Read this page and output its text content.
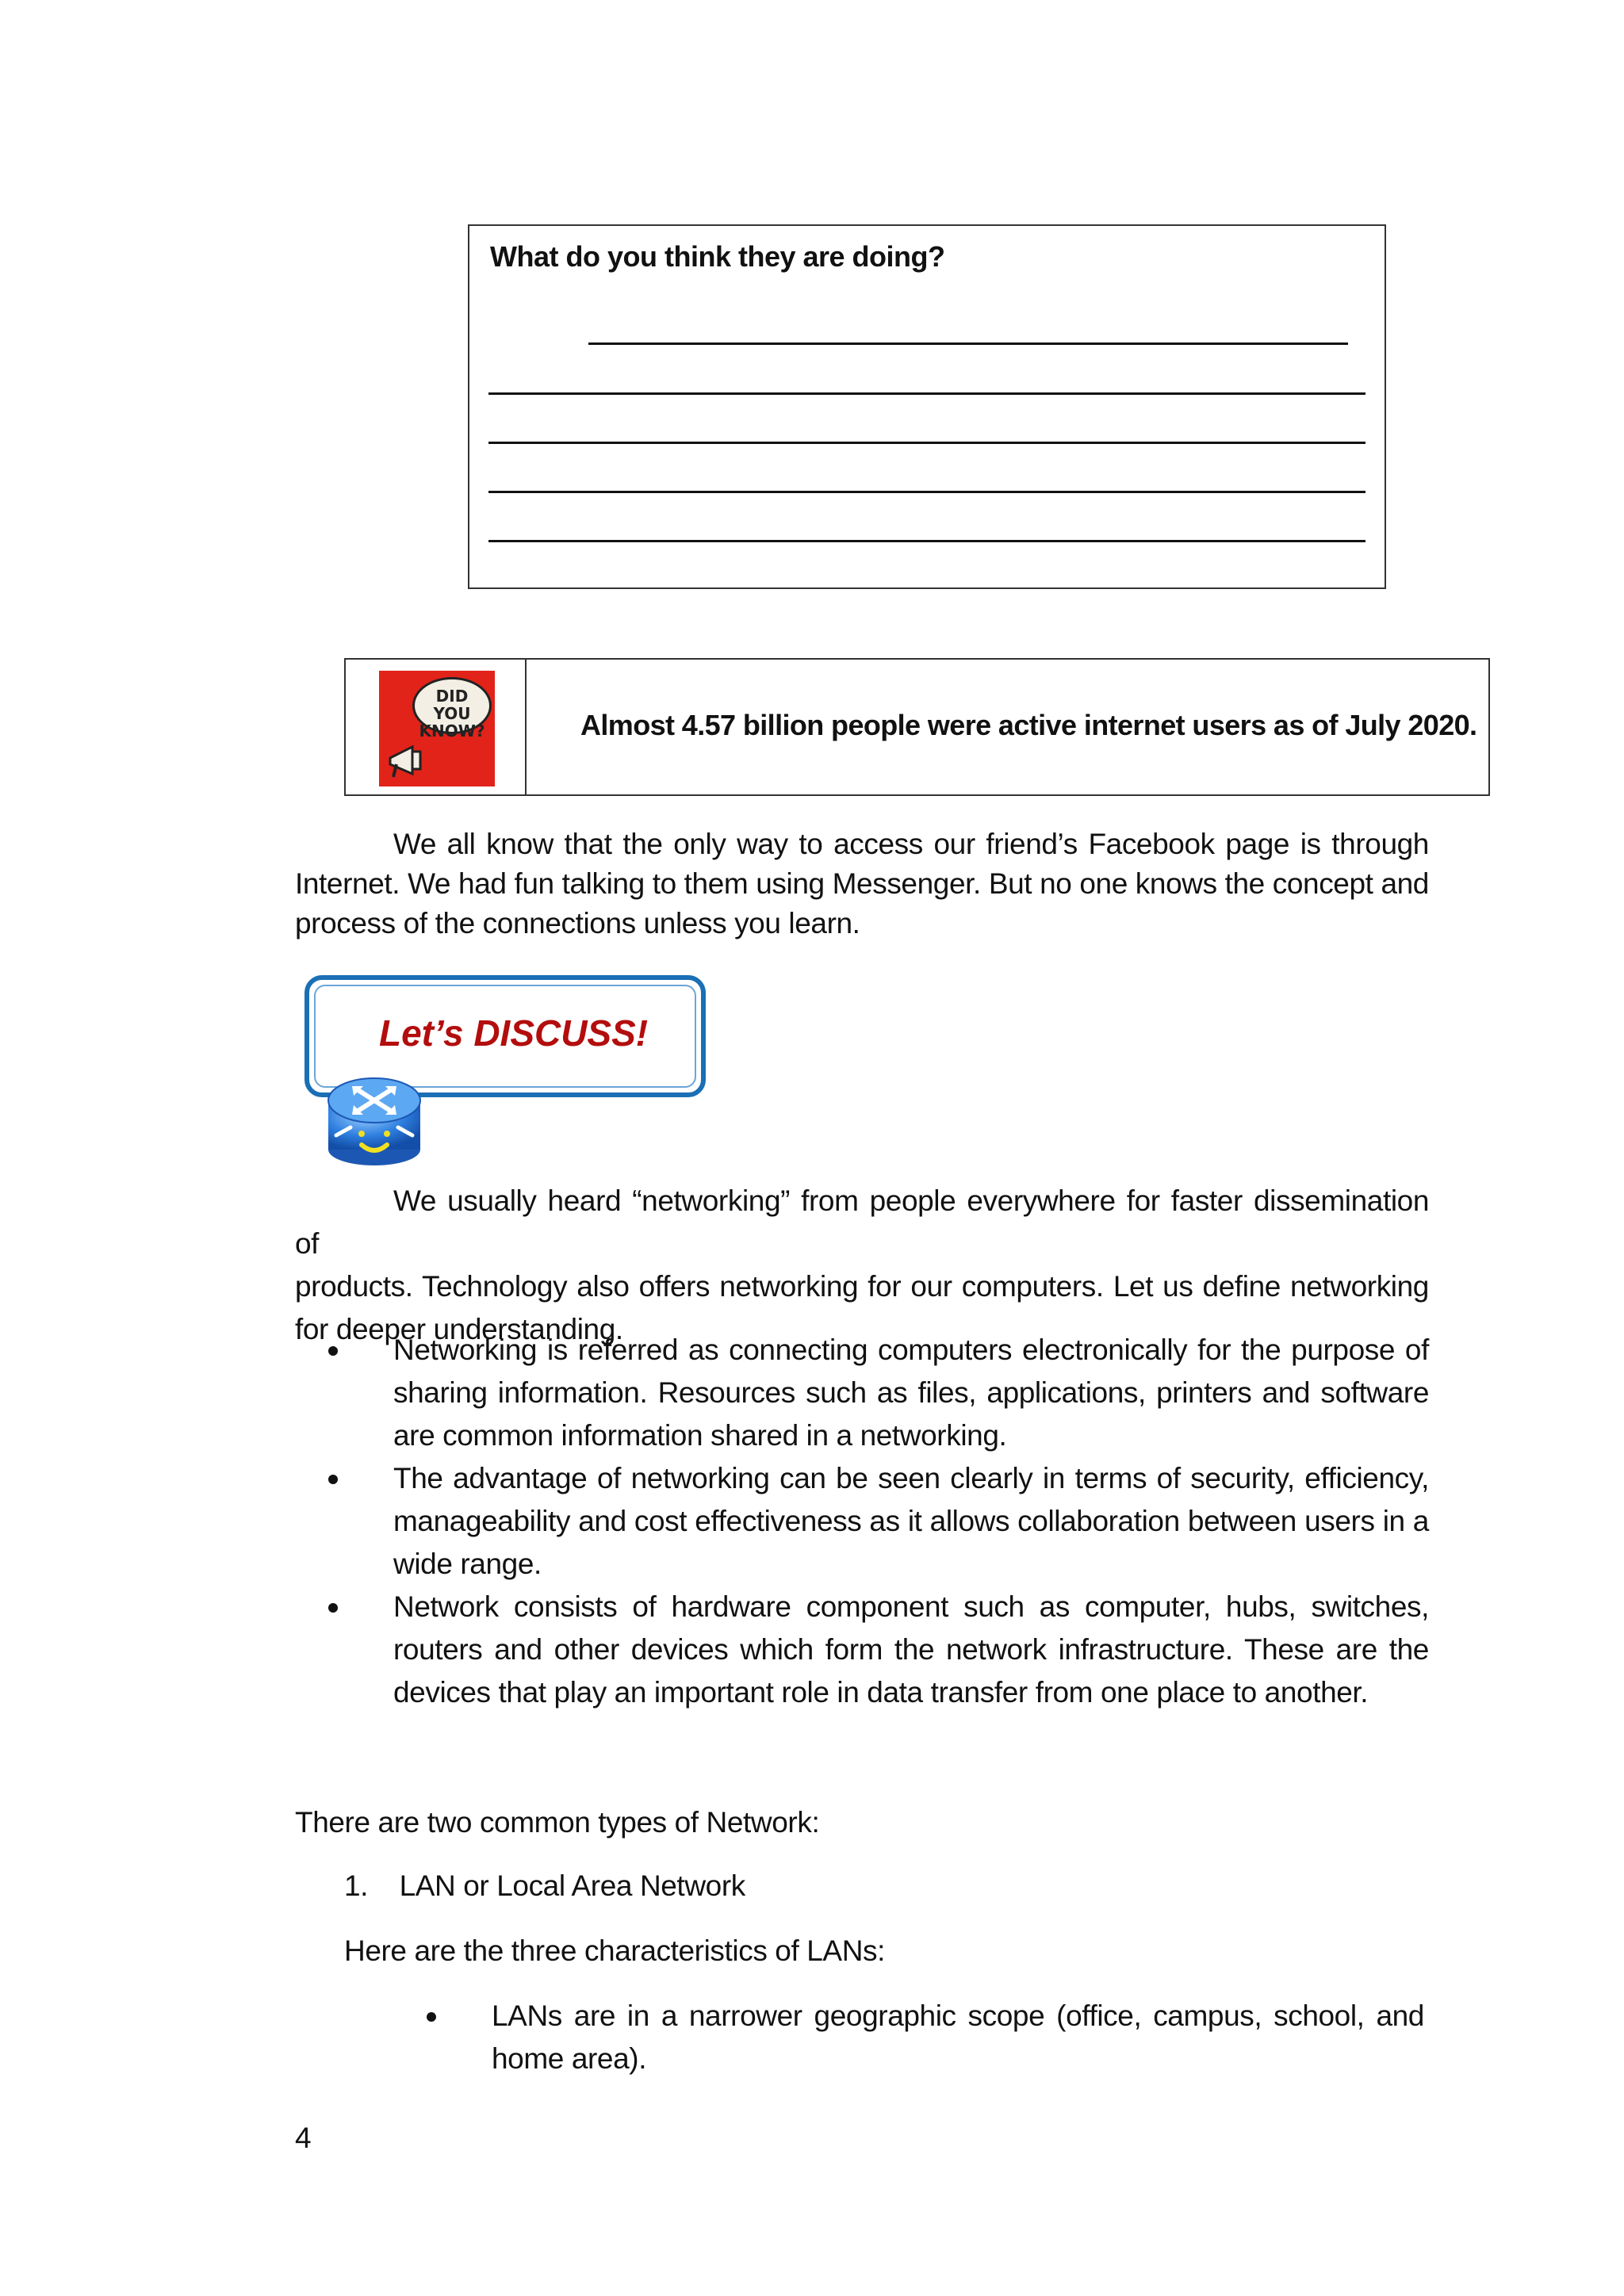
What do you think they are doing?
DID YOU
KNOW?	Almost 4.57 billion people were active internet users as of July 2020.
We all know that the only way to access our friend’s Facebook page is through
Internet. We had fun talking to them using Messenger. But no one knows the concept and process of the connections unless you learn.
Let’s DISCUSS!
We usually heard “networking” from people everywhere for faster dissemination of
products. Technology also offers networking for our computers. Let us define networking for deeper understanding.
Networking is referred as connecting computers electronically for the purpose of sharing information. Resources such as files, applications, printers and software are common information shared in a networking.
The advantage of networking can be seen clearly in terms of security, efficiency, manageability and cost effectiveness as it allows collaboration between users in a wide range.
Network consists of hardware component such as computer, hubs, switches, routers and other devices which form the network infrastructure. These are the devices that play an important role in data transfer from one place to another.
There are two common types of Network:
1.    LAN or Local Area Network
Here are the three characteristics of LANs:
LANs are in a narrower geographic scope (office, campus, school, and home area).
4
